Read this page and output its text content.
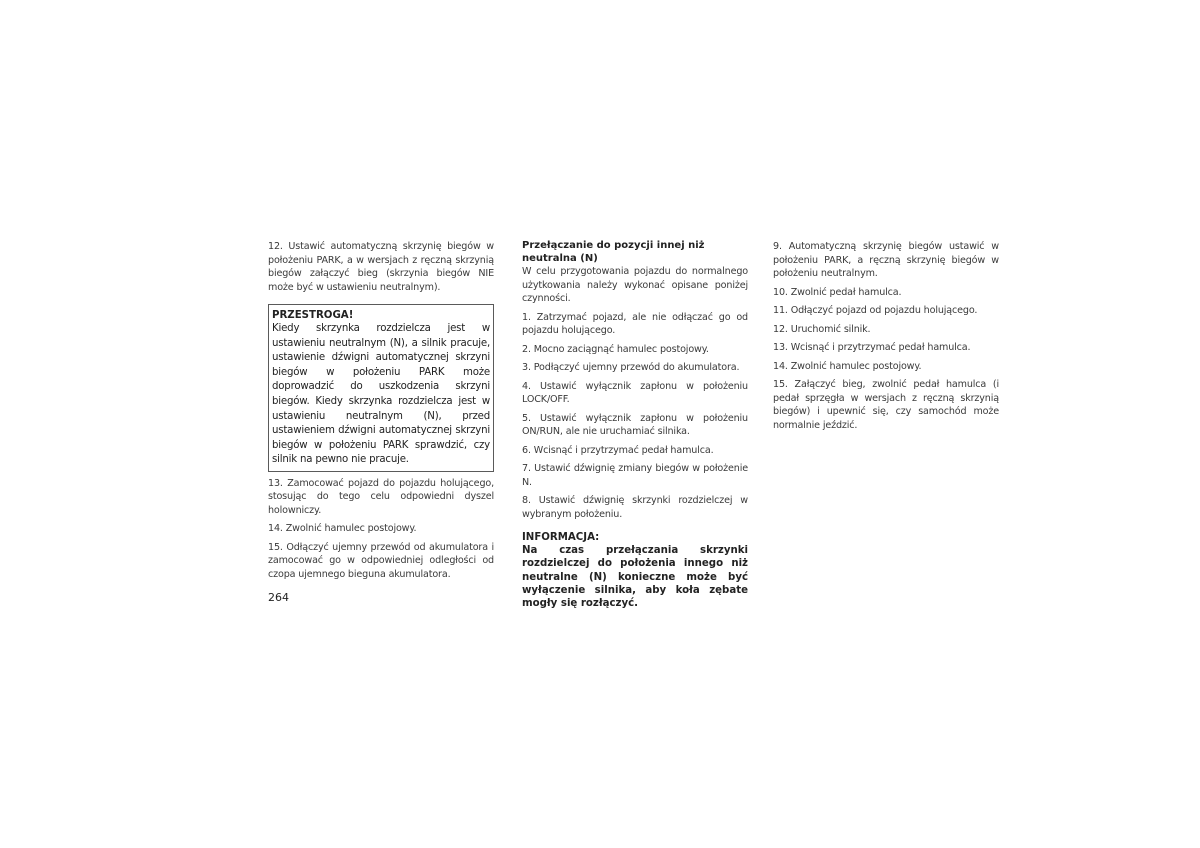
12. Ustawić automatyczną skrzynię biegów w położeniu PARK, a w wersjach z ręczną skrzynią biegów załączyć bieg (skrzynia biegów NIE może być w ustawieniu neutralnym).

PRZESTROGA!

Kiedy skrzynka rozdzielcza jest w ustawieniu neutralnym (N), a silnik pracuje, ustawienie dźwigni automatycznej skrzyni biegów w położeniu PARK może doprowadzić do uszkodzenia skrzyni biegów. Kiedy skrzynka rozdzielcza jest w ustawieniu neutralnym (N), przed ustawieniem dźwigni automatycznej skrzyni biegów w położeniu PARK sprawdzić, czy silnik na pewno nie pracuje.

13. Zamocować pojazd do pojazdu holującego, stosując do tego celu odpowiedni dyszel holowniczy.

14. Zwolnić hamulec postojowy.

15. Odłączyć ujemny przewód od akumulatora i zamocować go w odpowiedniej odległości od czopa ujemnego bieguna akumulatora.

Przełączanie do pozycji innej niż neutralna (N)

W celu przygotowania pojazdu do normalnego użytkowania należy wykonać opisane poniżej czynności.

1. Zatrzymać pojazd, ale nie odłączać go od pojazdu holującego.

2. Mocno zaciągnąć hamulec postojowy.

3. Podłączyć ujemny przewód do akumulatora.

4. Ustawić wyłącznik zapłonu w położeniu LOCK/OFF.

5. Ustawić wyłącznik zapłonu w położeniu ON/RUN, ale nie uruchamiać silnika.

6. Wcisnąć i przytrzymać pedał hamulca.

7. Ustawić dźwignię zmiany biegów w położenie N.

8. Ustawić dźwignię skrzynki rozdzielczej w wybranym położeniu.

INFORMACJA:

Na czas przełączania skrzynki rozdzielczej do położenia innego niż neutralne (N) konieczne może być wyłączenie silnika, aby koła zębate mogły się rozłączyć.

9. Automatyczną skrzynię biegów ustawić w położeniu PARK, a ręczną skrzynię biegów w położeniu neutralnym.

10. Zwolnić pedał hamulca.

11. Odłączyć pojazd od pojazdu holującego.

12. Uruchomić silnik.

13. Wcisnąć i przytrzymać pedał hamulca.

14. Zwolnić hamulec postojowy.

15. Załączyć bieg, zwolnić pedał hamulca (i pedał sprzęgła w wersjach z ręczną skrzynią biegów) i upewnić się, czy samochód może normalnie jeździć.

264
